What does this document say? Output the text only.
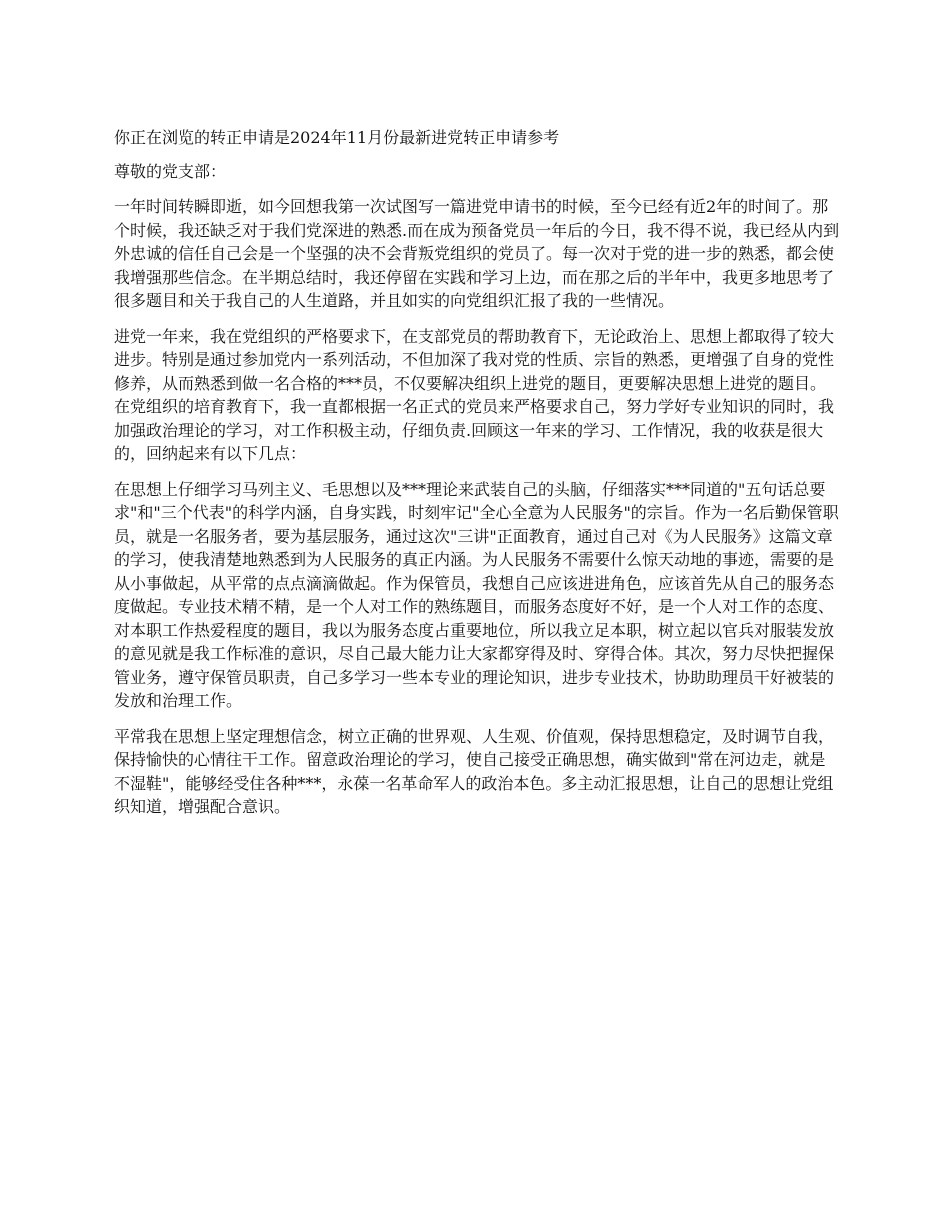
你正在浏览的转正申请是2024年11月份最新进党转正申请参考

尊敬的党支部：

一年时间转瞬即逝，如今回想我第一次试图写一篇进党申请书的时候，至今已经有近2年的时间了。那个时候，我还缺乏对于我们党深进的熟悉.而在成为预备党员一年后的今日，我不得不说，我已经从内到外忠诚的信任自己会是一个坚强的决不会背叛党组织的党员了。每一次对于党的进一步的熟悉，都会使我增强那些信念。在半期总结时，我还停留在实践和学习上边，而在那之后的半年中，我更多地思考了很多题目和关于我自己的人生道路，并且如实的向党组织汇报了我的一些情况。

进党一年来，我在党组织的严格要求下，在支部党员的帮助教育下，无论政治上、思想上都取得了较大进步。特别是通过参加党内一系列活动，不但加深了我对党的性质、宗旨的熟悉，更增强了自身的党性修养，从而熟悉到做一名合格的***员，不仅要解决组织上进党的题目，更要解决思想上进党的题目。在党组织的培育教育下，我一直都根据一名正式的党员来严格要求自己，努力学好专业知识的同时，我加强政治理论的学习，对工作积极主动，仔细负责.回顾这一年来的学习、工作情况，我的收获是很大的，回纳起来有以下几点：

在思想上仔细学习马列主义、毛思想以及***理论来武装自己的头脑，仔细落实***同道的"五句话总要求"和"三个代表"的科学内涵，自身实践，时刻牢记"全心全意为人民服务"的宗旨。作为一名后勤保管职员，就是一名服务者，要为基层服务，通过这次"三讲"正面教育，通过自己对《为人民服务》这篇文章的学习，使我清楚地熟悉到为人民服务的真正内涵。为人民服务不需要什么惊天动地的事迹，需要的是从小事做起，从平常的点点滴滴做起。作为保管员，我想自己应该进进角色，应该首先从自己的服务态度做起。专业技术精不精，是一个人对工作的熟练题目，而服务态度好不好，是一个人对工作的态度、对本职工作热爱程度的题目，我以为服务态度占重要地位，所以我立足本职，树立起以官兵对服装发放的意见就是我工作标准的意识，尽自己最大能力让大家都穿得及时、穿得合体。其次，努力尽快把握保管业务，遵守保管员职责，自己多学习一些本专业的理论知识，进步专业技术，协助助理员干好被装的发放和治理工作。

平常我在思想上坚定理想信念，树立正确的世界观、人生观、价值观，保持思想稳定，及时调节自我，保持愉快的心情往干工作。留意政治理论的学习，使自己接受正确思想，确实做到"常在河边走，就是不湿鞋"，能够经受住各种***，永葆一名革命军人的政治本色。多主动汇报思想，让自己的思想让党组织知道，增强配合意识。
